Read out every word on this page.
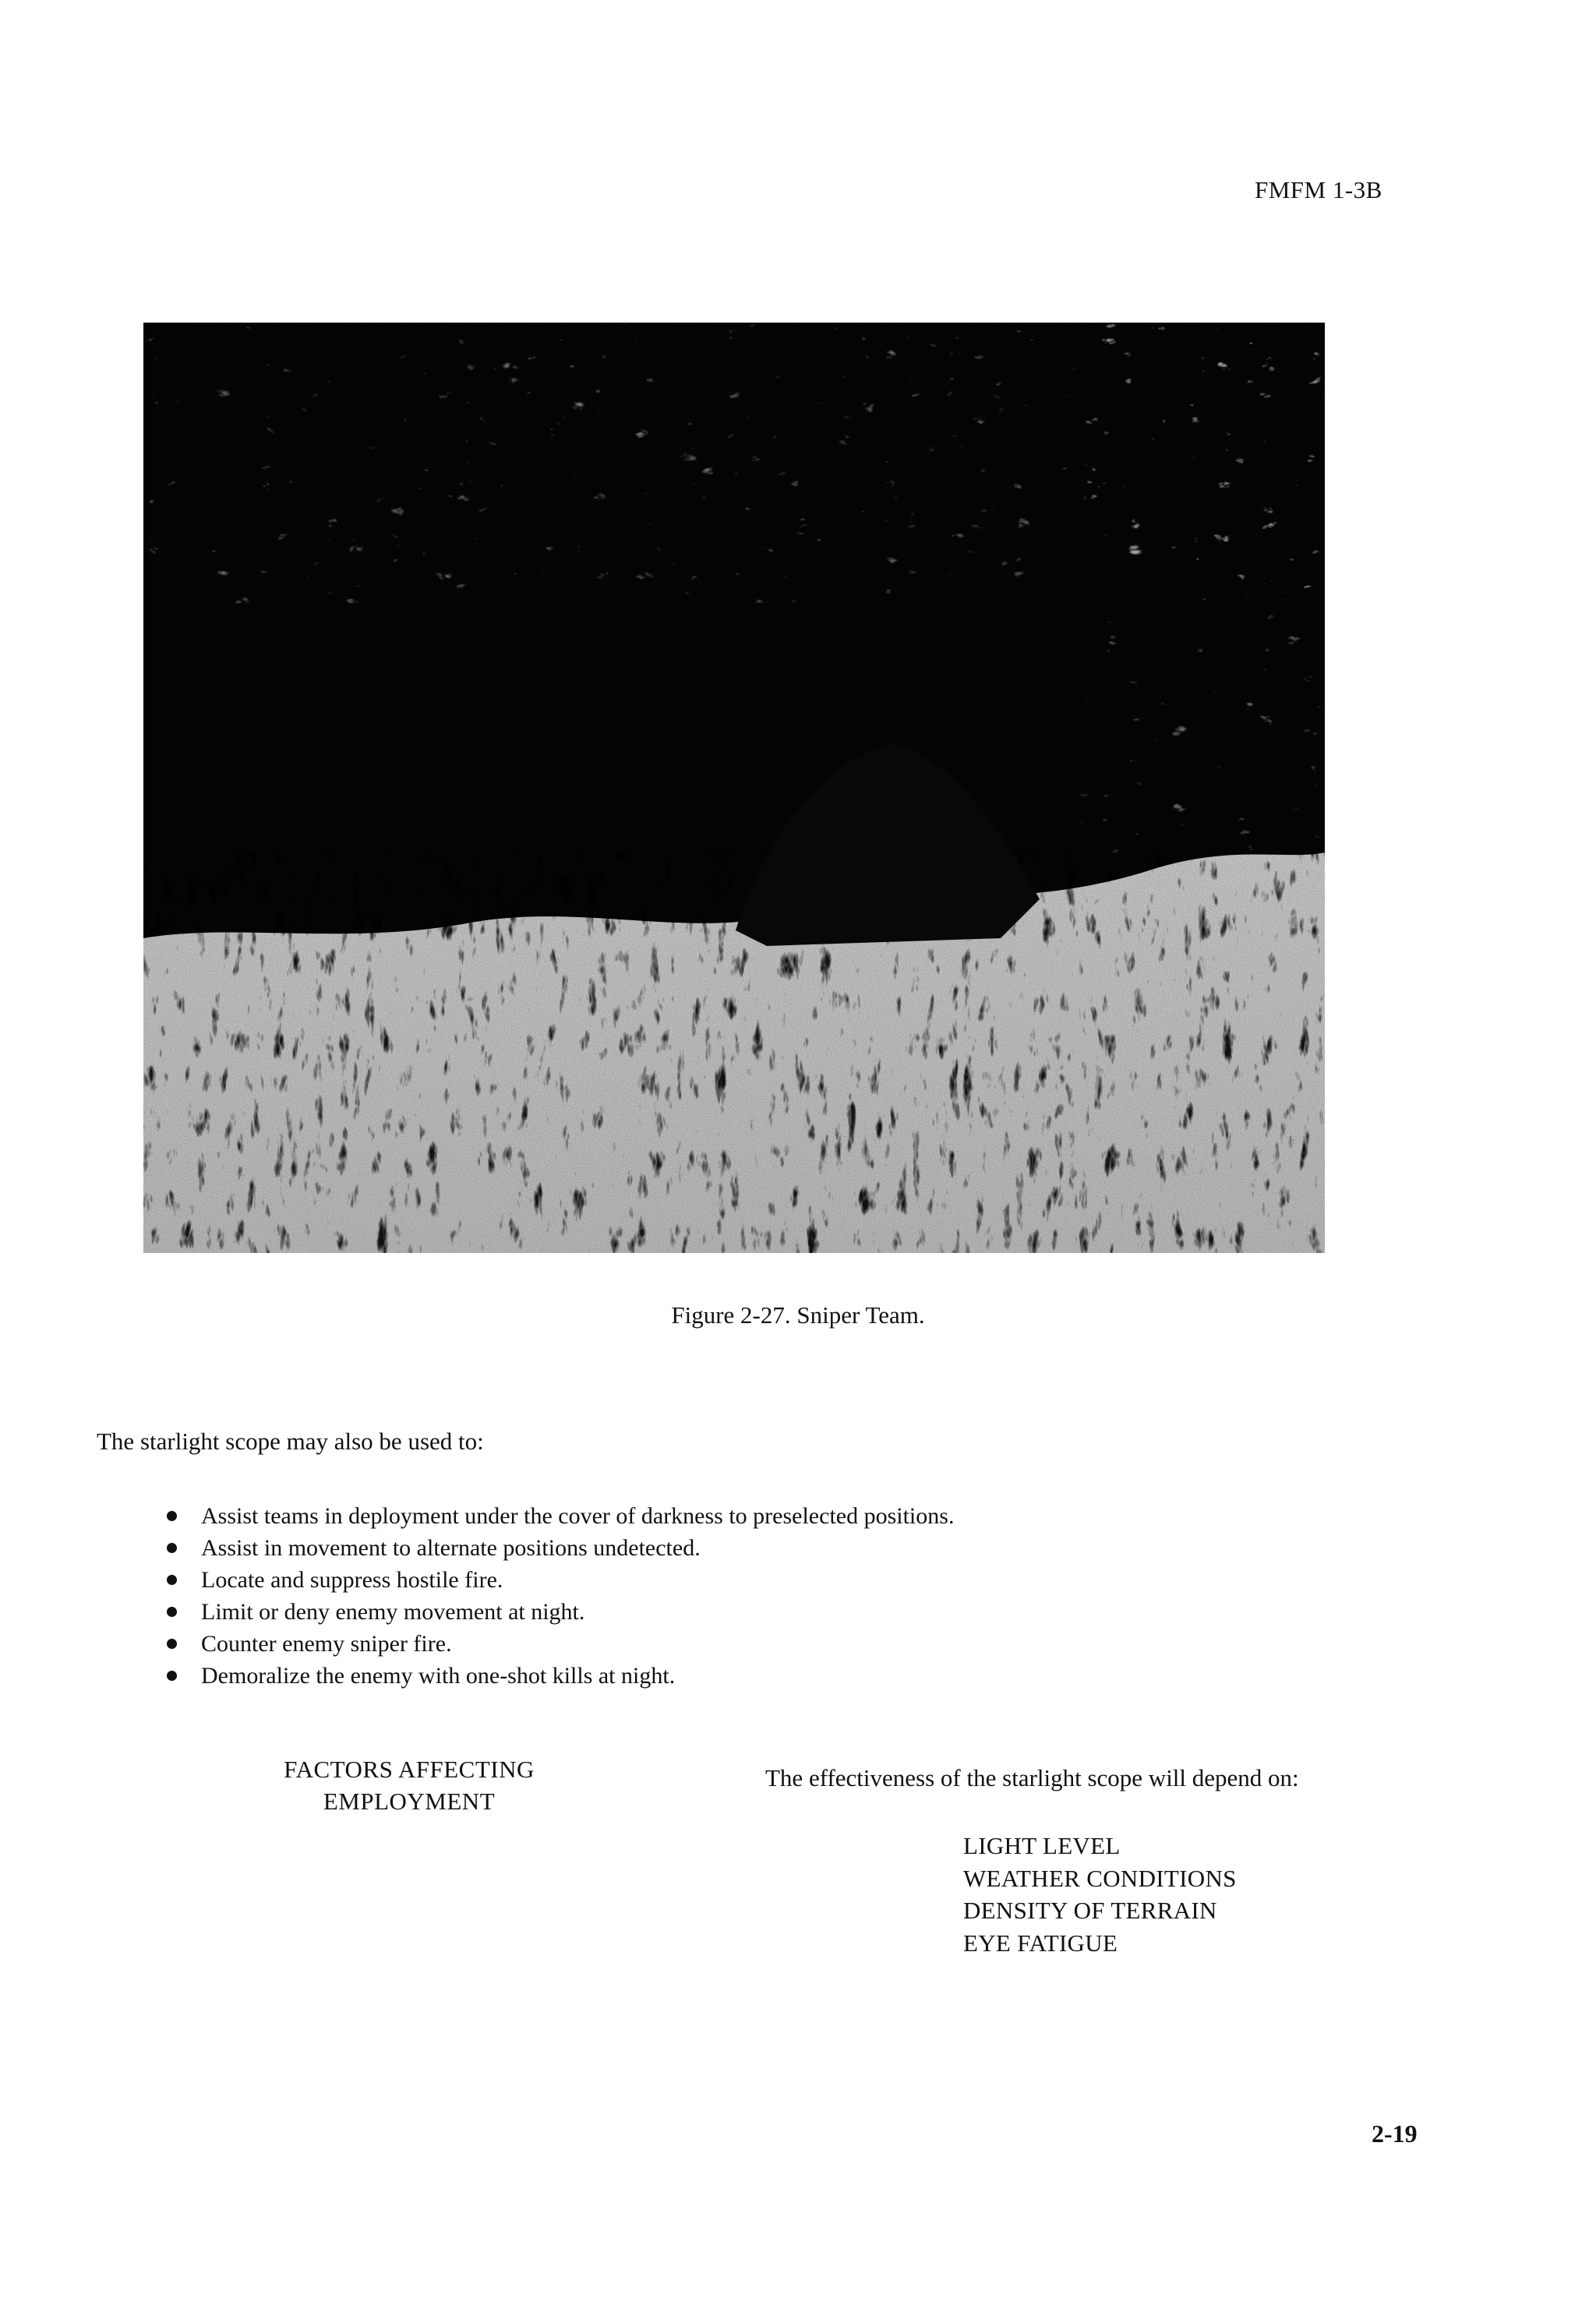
FMFM 1-3B
Figure 2-27. Sniper Team.
The starlight scope may also be used to:
Assist teams in deployment under the cover of darkness to preselected positions.
Assist in movement to alternate positions undetected.
Locate and suppress hostile fire.
Limit or deny enemy movement at night.
Counter enemy sniper fire.
Demoralize the enemy with one-shot kills at night.
FACTORS AFFECTING
EMPLOYMENT
The effectiveness of the starlight scope will depend on:
LIGHT LEVEL
WEATHER CONDITIONS
DENSITY OF TERRAIN
EYE FATIGUE
2-19
